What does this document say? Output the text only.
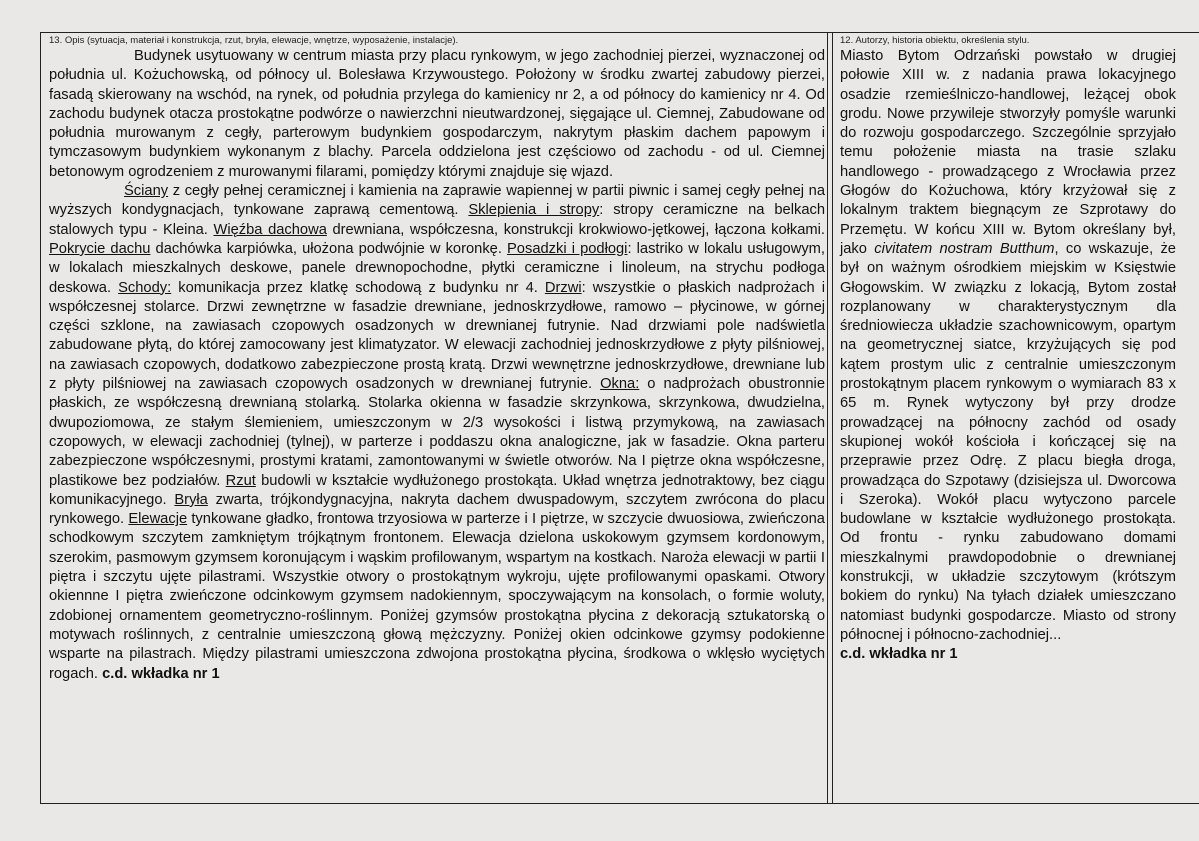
13. Opis (sytuacja, materiał i konstrukcja, rzut, bryła, elewacje, wnętrze, wyposażenie, instalacje).

Budynek usytuowany w centrum miasta przy placu rynkowym, w jego zachodniej pierzei, wyznaczonej od południa ul. Kożuchowską, od północy ul. Bolesława Krzywoustego. Położony w środku zwartej zabudowy pierzei, fasadą skierowany na wschód, na rynek, od południa przylega do kamienicy nr 2, a od północy do kamienicy nr 4. Od zachodu budynek otacza prostokątne podwórze o nawierzchni nieutwardzonej, sięgające ul. Ciemnej, Zabudowane od południa murowanym z cegły, parterowym budynkiem gospodarczym, nakrytym płaskim dachem papowym i tymczasowym budynkiem wykonanym z blachy. Parcela oddzielona jest częściowo od zachodu - od ul. Ciemnej betonowym ogrodzeniem z murowanymi filarami, pomiędzy którymi znajduje się wjazd.

Ściany z cegły pełnej ceramicznej i kamienia na zaprawie wapiennej w partii piwnic i samej cegły pełnej na wyższych kondygnacjach, tynkowane zaprawą cementową. Sklepienia i stropy: stropy ceramiczne na belkach stalowych typu - Kleina. Więźba dachowa drewniana, współczesna, konstrukcji krokwiowo-jętkowej, łączona kołkami. Pokrycie dachu dachówka karpiówka, ułożona podwójnie w koronkę. Posadzki i podłogi: lastriko w lokalu usługowym, w lokalach mieszkalnych deskowe, panele drewnopochodne, płytki ceramiczne i linoleum, na strychu podłoga deskowa. Schody: komunikacja przez klatkę schodową z budynku nr 4. Drzwi: wszystkie o płaskich nadprożach i współczesnej stolarce. Drzwi zewnętrzne w fasadzie drewniane, jednoskrzydłowe, ramowo – płycinowe, w górnej części szklone, na zawiasach czopowych osadzonych w drewnianej futrynie. Nad drzwiami pole nadświetla zabudowane płytą, do której zamocowany jest klimatyzator. W elewacji zachodniej jednoskrzydłowe z płyty pilśniowej, na zawiasach czopowych, dodatkowo zabezpieczone prostą kratą. Drzwi wewnętrzne jednoskrzydłowe, drewniane lub z płyty pilśniowej na zawiasach czopowych osadzonych w drewnianej futrynie. Okna: o nadprożach obustronnie płaskich, ze współczesną drewnianą stolarką. Stolarka okienna w fasadzie skrzynkowa, skrzynkowa, dwudzielna, dwupoziomowa, ze stałym ślemieniem, umieszczonym w 2/3 wysokości i listwą przymykową, na zawiasach czopowych, w elewacji zachodniej (tylnej), w parterze i poddaszu okna analogiczne, jak w fasadzie. Okna parteru zabezpieczone współczesnymi, prostymi kratami, zamontowanymi w świetle otworów. Na I piętrze okna współczesne, plastikowe bez podziałów. Rzut budowli w kształcie wydłużonego prostokąta. Układ wnętrza jednotraktowy, bez ciągu komunikacyjnego. Bryła zwarta, trójkondygnacyjna, nakryta dachem dwuspadowym, szczytem zwrócona do placu rynkowego. Elewacje tynkowane gładko, frontowa trzyosiowa w parterze i I piętrze, w szczycie dwuosiowa, zwieńczona schodkowym szczytem zamkniętym trójkątnym frontonem. Elewacja dzielona uskokowym gzymsem kordonowym, szerokim, pasmowym gzymsem koronującym i wąskim profilowanym, wspartym na kostkach. Naroża elewacji w partii I piętra i szczytu ujęte pilastrami. Wszystkie otwory o prostokątnym wykroju, ujęte profilowanymi opaskami. Otwory okiennne I piętra zwieńczone odcinkowym gzymsem nadokiennym, spoczywającym na konsolach, o formie woluty, zdobionej ornamentem geometryczno-roślinnym. Poniżej gzymsów prostokątna płycina z dekoracją sztukatorską o motywach roślinnych, z centralnie umieszczoną głową mężczyzny. Poniżej okien odcinkowe gzymsy podokienne wsparte na pilastrach. Między pilastrami umieszczona zdwojona prostokątna płycina, środkowa o wklęsło wyciętych rogach. c.d. wkładka nr 1

12. Autorzy, historia obiektu, określenia stylu.

Miasto Bytom Odrzański powstało w drugiej połowie XIII w. z nadania prawa lokacyjnego osadzie rzemieślniczo-handlowej, leżącej obok grodu. Nowe przywileje stworzyły pomyśle warunki do rozwoju gospodarczego. Szczególnie sprzyjało temu położenie miasta na trasie szlaku handlowego - prowadzącego z Wrocławia przez Głogów do Kożuchowa, który krzyżował się z lokalnym traktem biegnącym ze Szprotawy do Przemętu. W końcu XIII w. Bytom określany był, jako civitatem nostram Butthum, co wskazuje, że był on ważnym ośrodkiem miejskim w Księstwie Głogowskim. W związku z lokacją, Bytom został rozplanowany w charakterystycznym dla średniowiecza układzie szachownicowym, opartym na geometrycznej siatce, krzyżujących się pod kątem prostym ulic z centralnie umieszczonym prostokątnym placem rynkowym o wymiarach 83 x 65 m. Rynek wytyczony był przy drodze prowadzącej na północny zachód od osady skupionej wokół kościoła i kończącej się na przeprawie przez Odrę. Z placu biegła droga, prowadząca do Szpotawy (dzisiejsza ul. Dworcowa i Szeroka). Wokół placu wytyczono parcele budowlane w kształcie wydłużonego prostokąta. Od frontu - rynku zabudowano domami mieszkalnymi prawdopodobnie o drewnianej konstrukcji, w układzie szczytowym (krótszym bokiem do rynku) Na tyłach działek umieszczano natomiast budynki gospodarcze. Miasto od strony północnej i północno-zachodniej...

c.d. wkładka nr 1
